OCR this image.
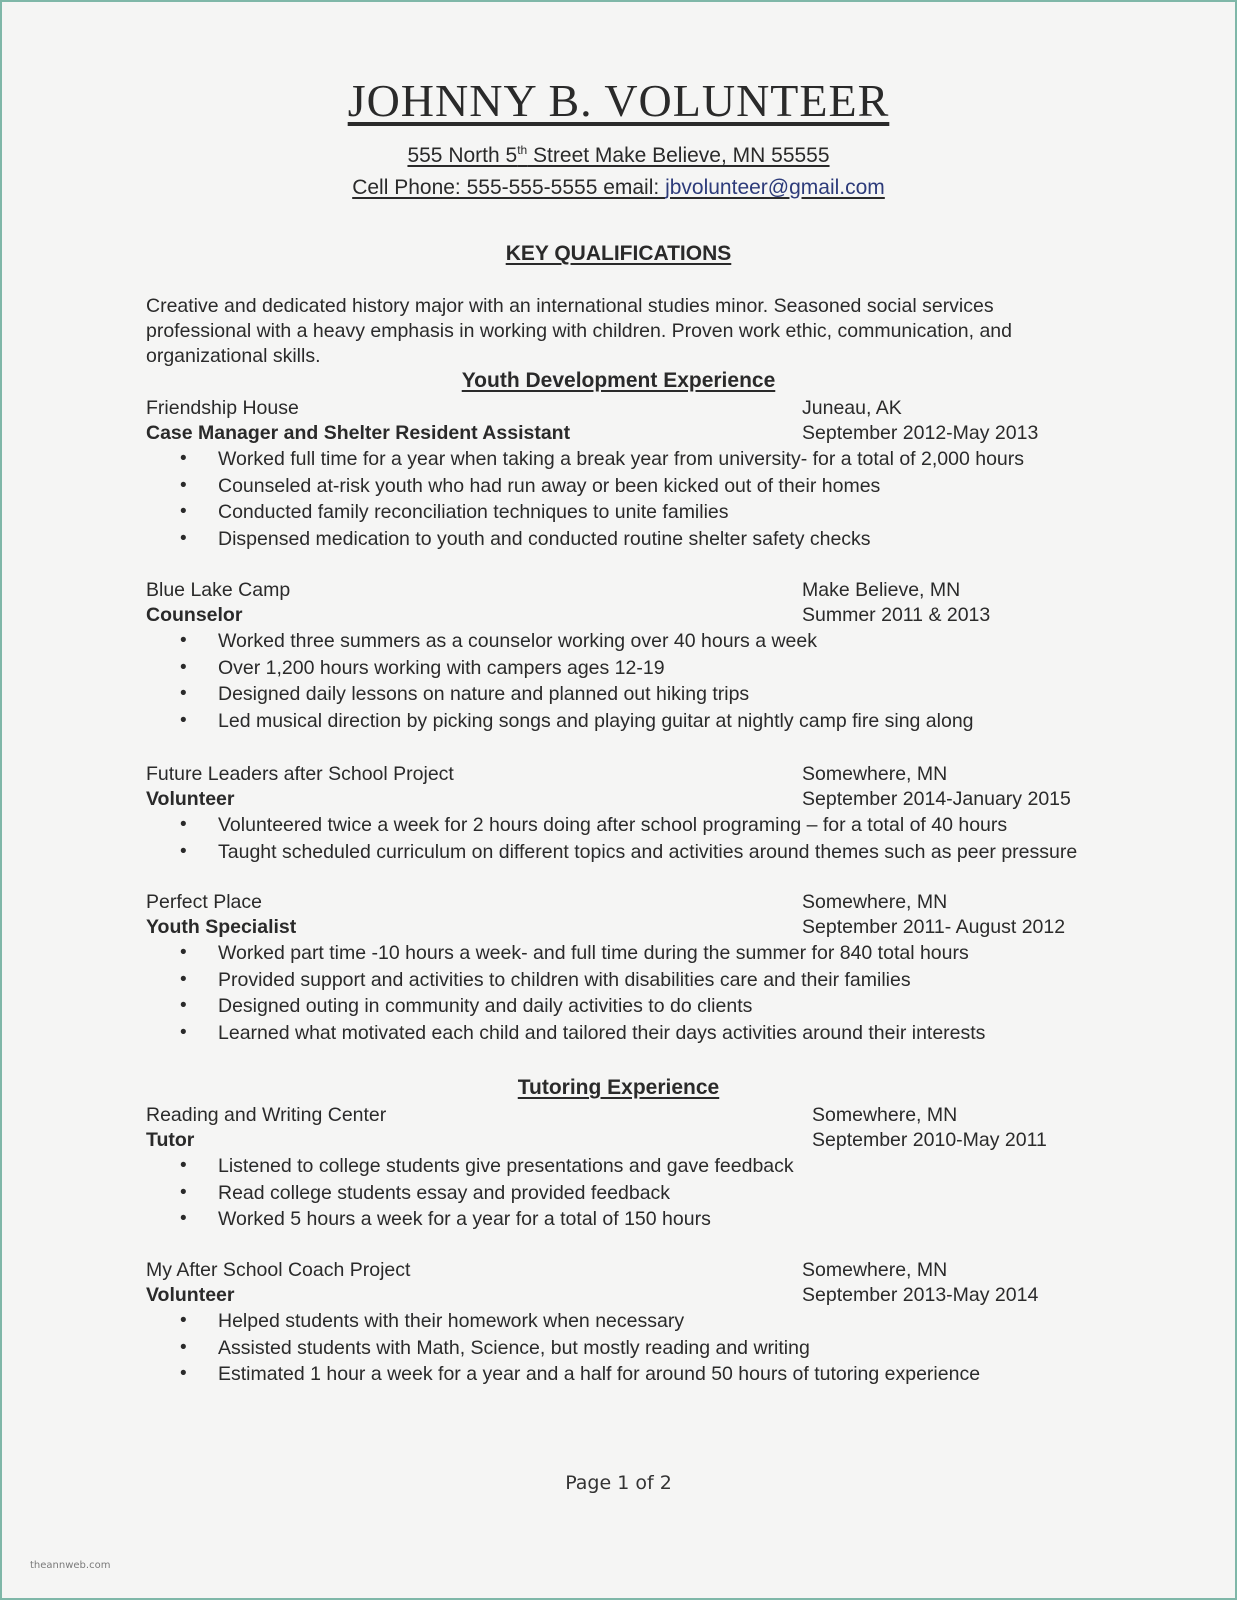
JOHNNY B. VOLUNTEER
555 North 5th Street Make Believe, MN 55555
Cell Phone: 555-555-5555 email: jbvolunteer@gmail.com
KEY QUALIFICATIONS
Creative and dedicated history major with an international studies minor. Seasoned social services professional with a heavy emphasis in working with children. Proven work ethic, communication, and organizational skills.
Youth Development Experience
Friendship House	Juneau, AK
Case Manager and Shelter Resident Assistant	September 2012-May 2013
• Worked full time for a year when taking a break year from university- for a total of 2,000 hours
• Counseled at-risk youth who had run away or been kicked out of their homes
• Conducted family reconciliation techniques to unite families
• Dispensed medication to youth and conducted routine shelter safety checks
Blue Lake Camp	Make Believe, MN
Counselor	Summer 2011 & 2013
• Worked three summers as a counselor working over 40 hours a week
• Over 1,200 hours working with campers ages 12-19
• Designed daily lessons on nature and planned out hiking trips
• Led musical direction by picking songs and playing guitar at nightly camp fire sing along
Future Leaders after School Project	Somewhere, MN
Volunteer	September 2014-January 2015
• Volunteered twice a week for 2 hours doing after school programing – for a total of 40 hours
• Taught scheduled curriculum on different topics and activities around themes such as peer pressure
Perfect Place	Somewhere, MN
Youth Specialist	September 2011- August 2012
• Worked part time -10 hours a week- and full time during the summer for 840 total hours
• Provided support and activities to children with disabilities care and their families
• Designed outing in community and daily activities to do clients
• Learned what motivated each child and tailored their days activities around their interests
Tutoring Experience
Reading and Writing Center	Somewhere, MN
Tutor	September 2010-May 2011
• Listened to college students give presentations and gave feedback
• Read college students essay and provided feedback
• Worked 5 hours a week for a year for a total of 150 hours
My After School Coach Project	Somewhere, MN
Volunteer	September 2013-May 2014
• Helped students with their homework when necessary
• Assisted students with Math, Science, but mostly reading and writing
• Estimated 1 hour a week for a year and a half for around 50 hours of tutoring experience
Page 1 of 2
theannweb.com
